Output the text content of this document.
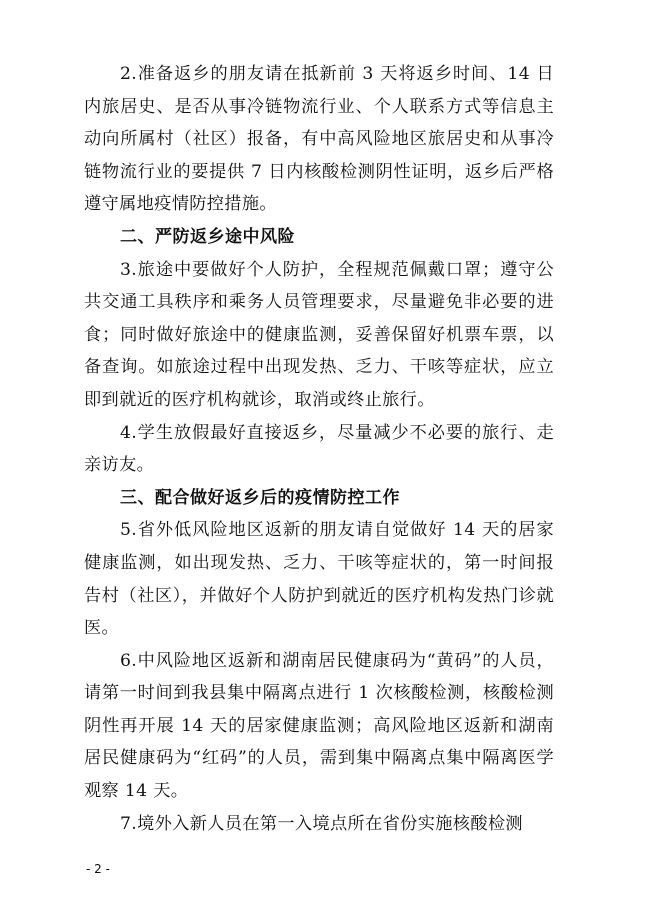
2.准备返乡的朋友请在抵新前 3 天将返乡时间、14 日内旅居史、是否从事冷链物流行业、个人联系方式等信息主动向所属村（社区）报备，有中高风险地区旅居史和从事冷链物流行业的要提供 7 日内核酸检测阴性证明，返乡后严格遵守属地疫情防控措施。

二、严防返乡途中风险

3.旅途中要做好个人防护，全程规范佩戴口罩；遵守公共交通工具秩序和乘务人员管理要求，尽量避免非必要的进食；同时做好旅途中的健康监测，妥善保留好机票车票，以备查询。如旅途过程中出现发热、乏力、干咳等症状，应立即到就近的医疗机构就诊，取消或终止旅行。

4.学生放假最好直接返乡，尽量减少不必要的旅行、走亲访友。

三、配合做好返乡后的疫情防控工作

5.省外低风险地区返新的朋友请自觉做好 14 天的居家健康监测，如出现发热、乏力、干咳等症状的，第一时间报告村（社区），并做好个人防护到就近的医疗机构发热门诊就医。

6.中风险地区返新和湖南居民健康码为“黄码”的人员，请第一时间到我县集中隔离点进行 1 次核酸检测，核酸检测阴性再开展 14 天的居家健康监测；高风险地区返新和湖南居民健康码为“红码”的人员，需到集中隔离点集中隔离医学观察 14 天。

7.境外入新人员在第一入境点所在省份实施核酸检测

- 2 -
